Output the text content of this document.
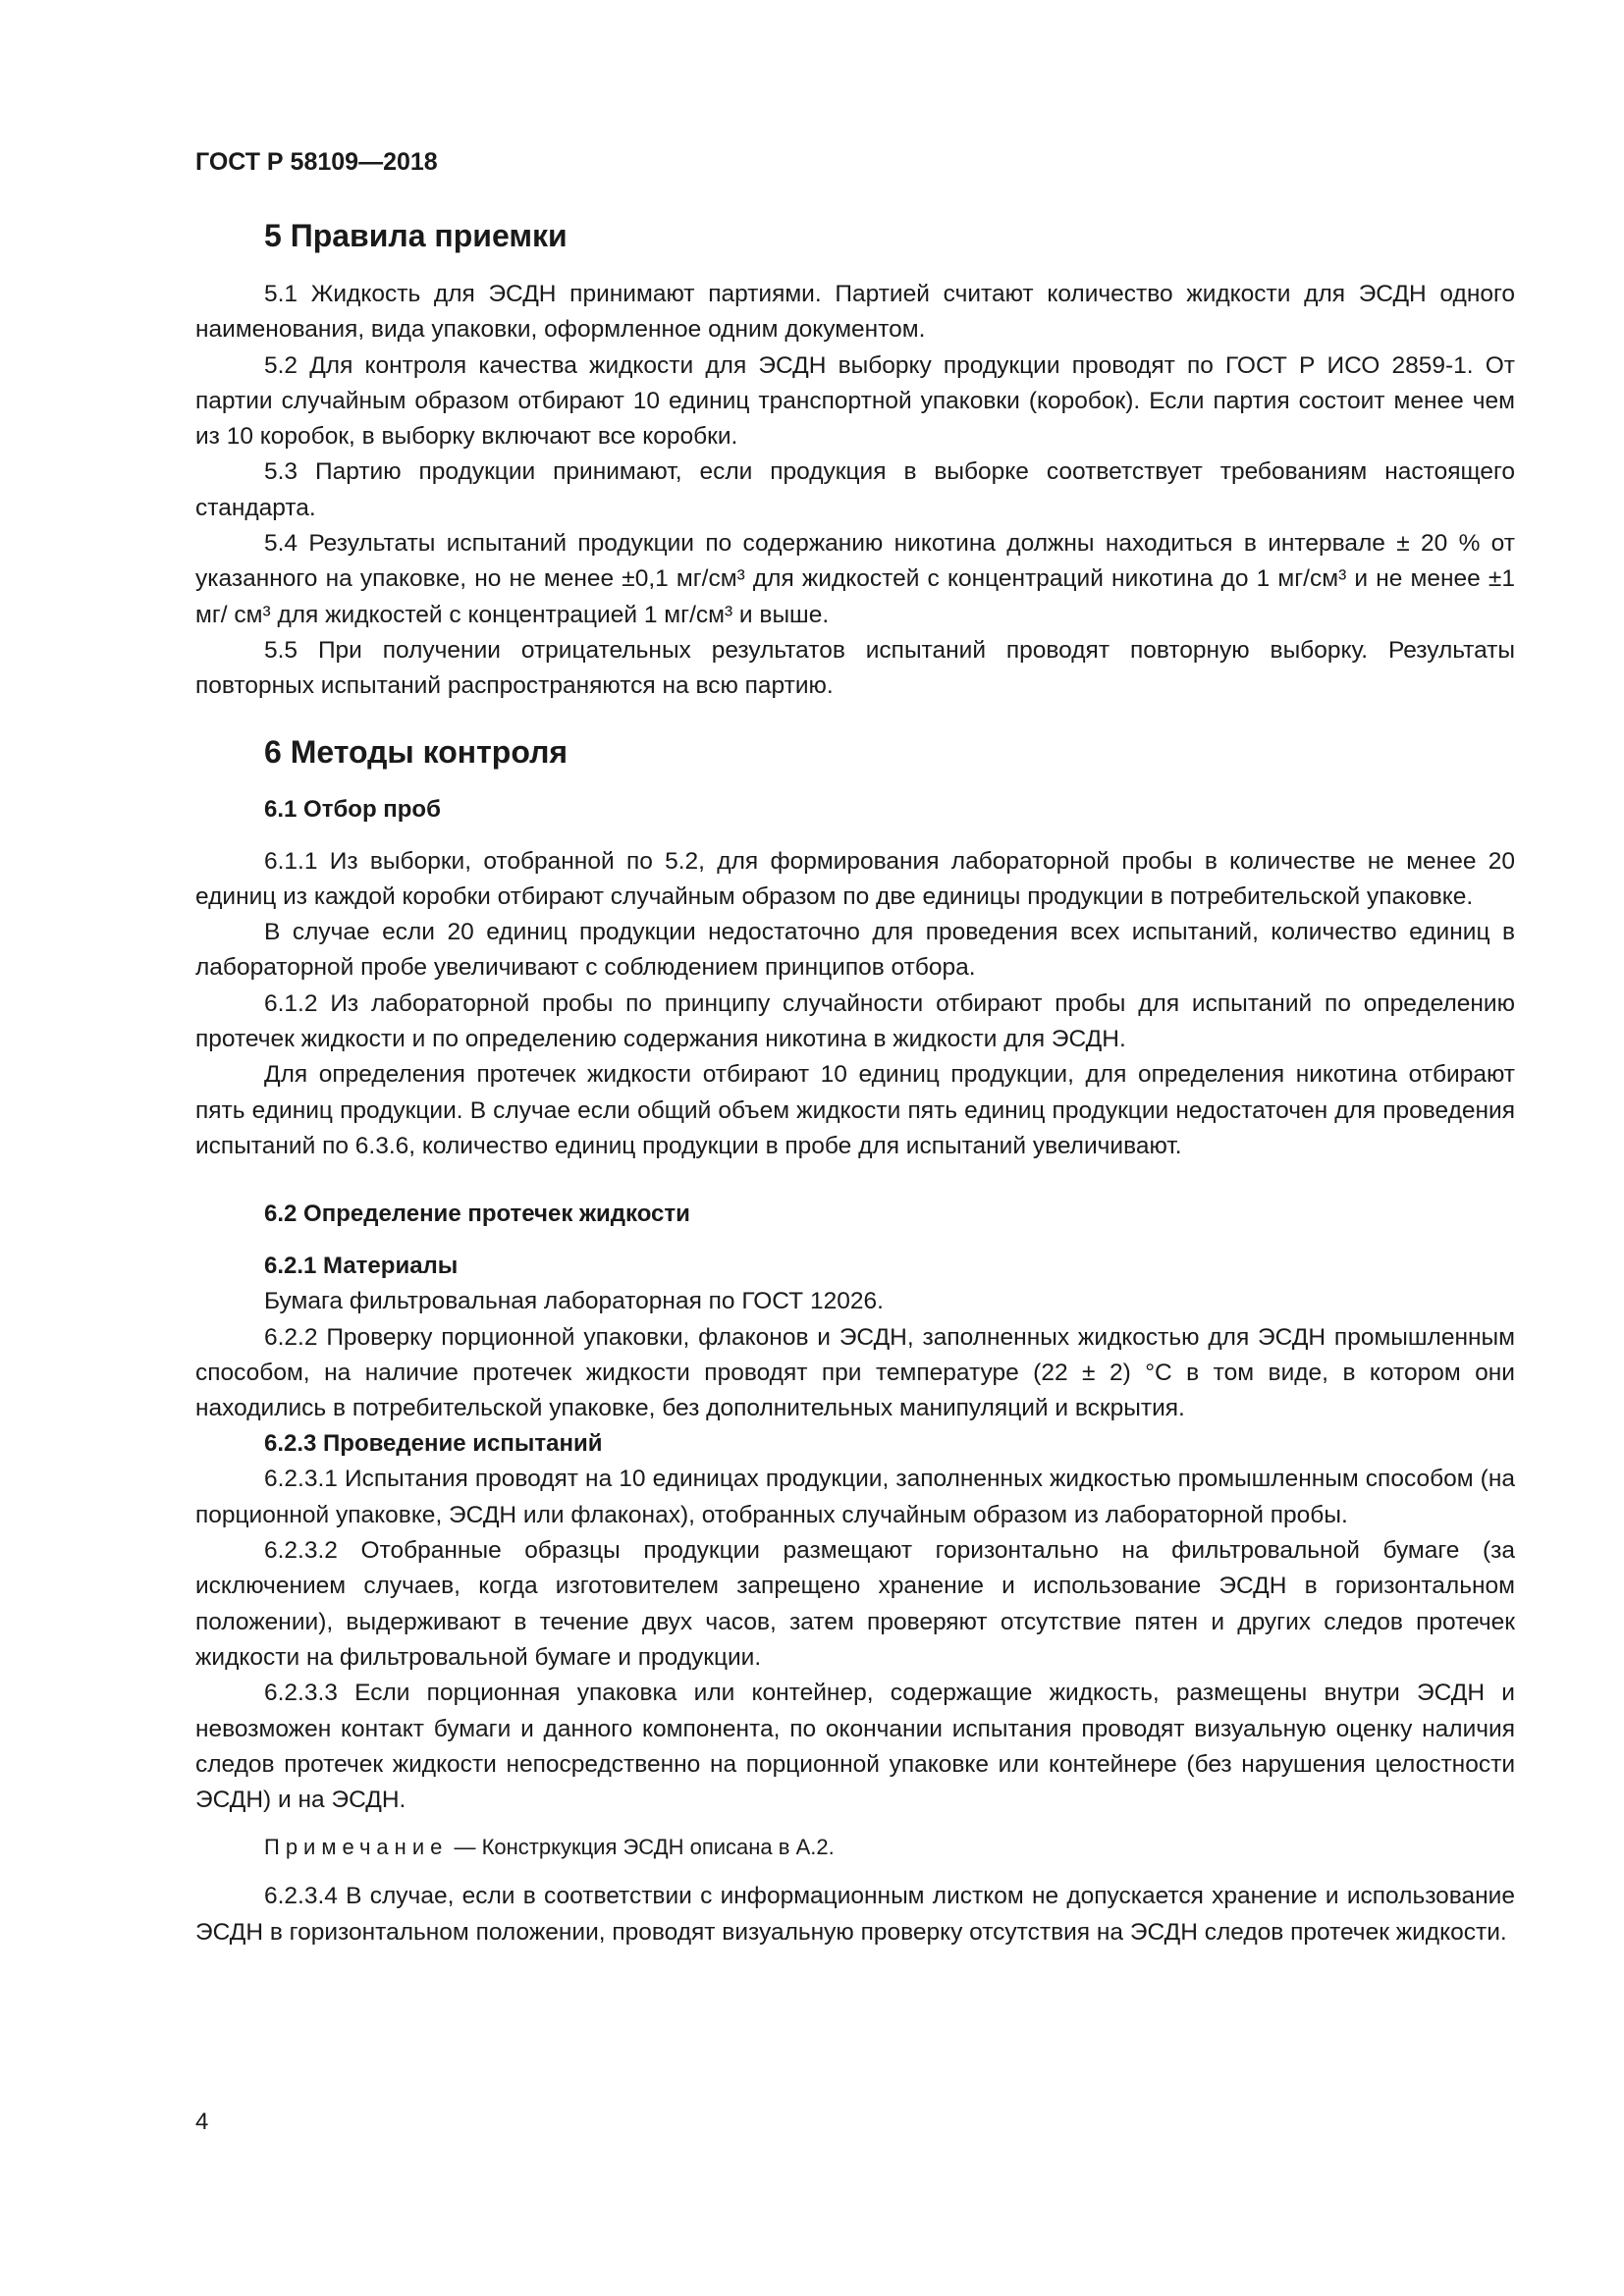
ГОСТ Р 58109—2018
5 Правила приемки

5.1 Жидкость для ЭСДН принимают партиями. Партией считают количество жидкости для ЭСДН одного наименования, вида упаковки, оформленное одним документом.

5.2 Для контроля качества жидкости для ЭСДН выборку продукции проводят по ГОСТ Р ИСО 2859-1. От партии случайным образом отбирают 10 единиц транспортной упаковки (коробок). Если партия состоит менее чем из 10 коробок, в выборку включают все коробки.

5.3 Партию продукции принимают, если продукция в выборке соответствует требованиям настоящего стандарта.

5.4 Результаты испытаний продукции по содержанию никотина должны находиться в интервале ± 20 % от указанного на упаковке, но не менее ±0,1 мг/см³ для жидкостей с концентраций никотина до 1 мг/см³ и не менее ±1 мг/ см³ для жидкостей с концентрацией 1 мг/см³ и выше.

5.5 При получении отрицательных результатов испытаний проводят повторную выборку. Результаты повторных испытаний распространяются на всю партию.

6 Методы контроля
6.1 Отбор проб

6.1.1 Из выборки, отобранной по 5.2, для формирования лабораторной пробы в количестве не менее 20 единиц из каждой коробки отбирают случайным образом по две единицы продукции в потребительской упаковке.

В случае если 20 единиц продукции недостаточно для проведения всех испытаний, количество единиц в лабораторной пробе увеличивают с соблюдением принципов отбора.

6.1.2 Из лабораторной пробы по принципу случайности отбирают пробы для испытаний по определению протечек жидкости и по определению содержания никотина в жидкости для ЭСДН.

Для определения протечек жидкости отбирают 10 единиц продукции, для определения никотина отбирают пять единиц продукции. В случае если общий объем жидкости пять единиц продукции недостаточен для проведения испытаний по 6.3.6, количество единиц продукции в пробе для испытаний увеличивают.

6.2 Определение протечек жидкости
6.2.1 Материалы

Бумага фильтровальная лабораторная по ГОСТ 12026.

6.2.2 Проверку порционной упаковки, флаконов и ЭСДН, заполненных жидкостью для ЭСДН промышленным способом, на наличие протечек жидкости проводят при температуре (22 ± 2) °С в том виде, в котором они находились в потребительской упаковке, без дополнительных манипуляций и вскрытия.

6.2.3 Проведение испытаний

6.2.3.1 Испытания проводят на 10 единицах продукции, заполненных жидкостью промышленным способом (на порционной упаковке, ЭСДН или флаконах), отобранных случайным образом из лабораторной пробы.

6.2.3.2 Отобранные образцы продукции размещают горизонтально на фильтровальной бумаге (за исключением случаев, когда изготовителем запрещено хранение и использование ЭСДН в горизонтальном положении), выдерживают в течение двух часов, затем проверяют отсутствие пятен и других следов протечек жидкости на фильтровальной бумаге и продукции.

6.2.3.3 Если порционная упаковка или контейнер, содержащие жидкость, размещены внутри ЭСДН и невозможен контакт бумаги и данного компонента, по окончании испытания проводят визуальную оценку наличия следов протечек жидкости непосредственно на порционной упаковке или контейнере (без нарушения целостности ЭСДН) и на ЭСДН.

Примечание — Констркукция ЭСДН описана в А.2.

6.2.3.4 В случае, если в соответствии с информационным листком не допускается хранение и использование ЭСДН в горизонтальном положении, проводят визуальную проверку отсутствия на ЭСДН следов протечек жидкости.

4
